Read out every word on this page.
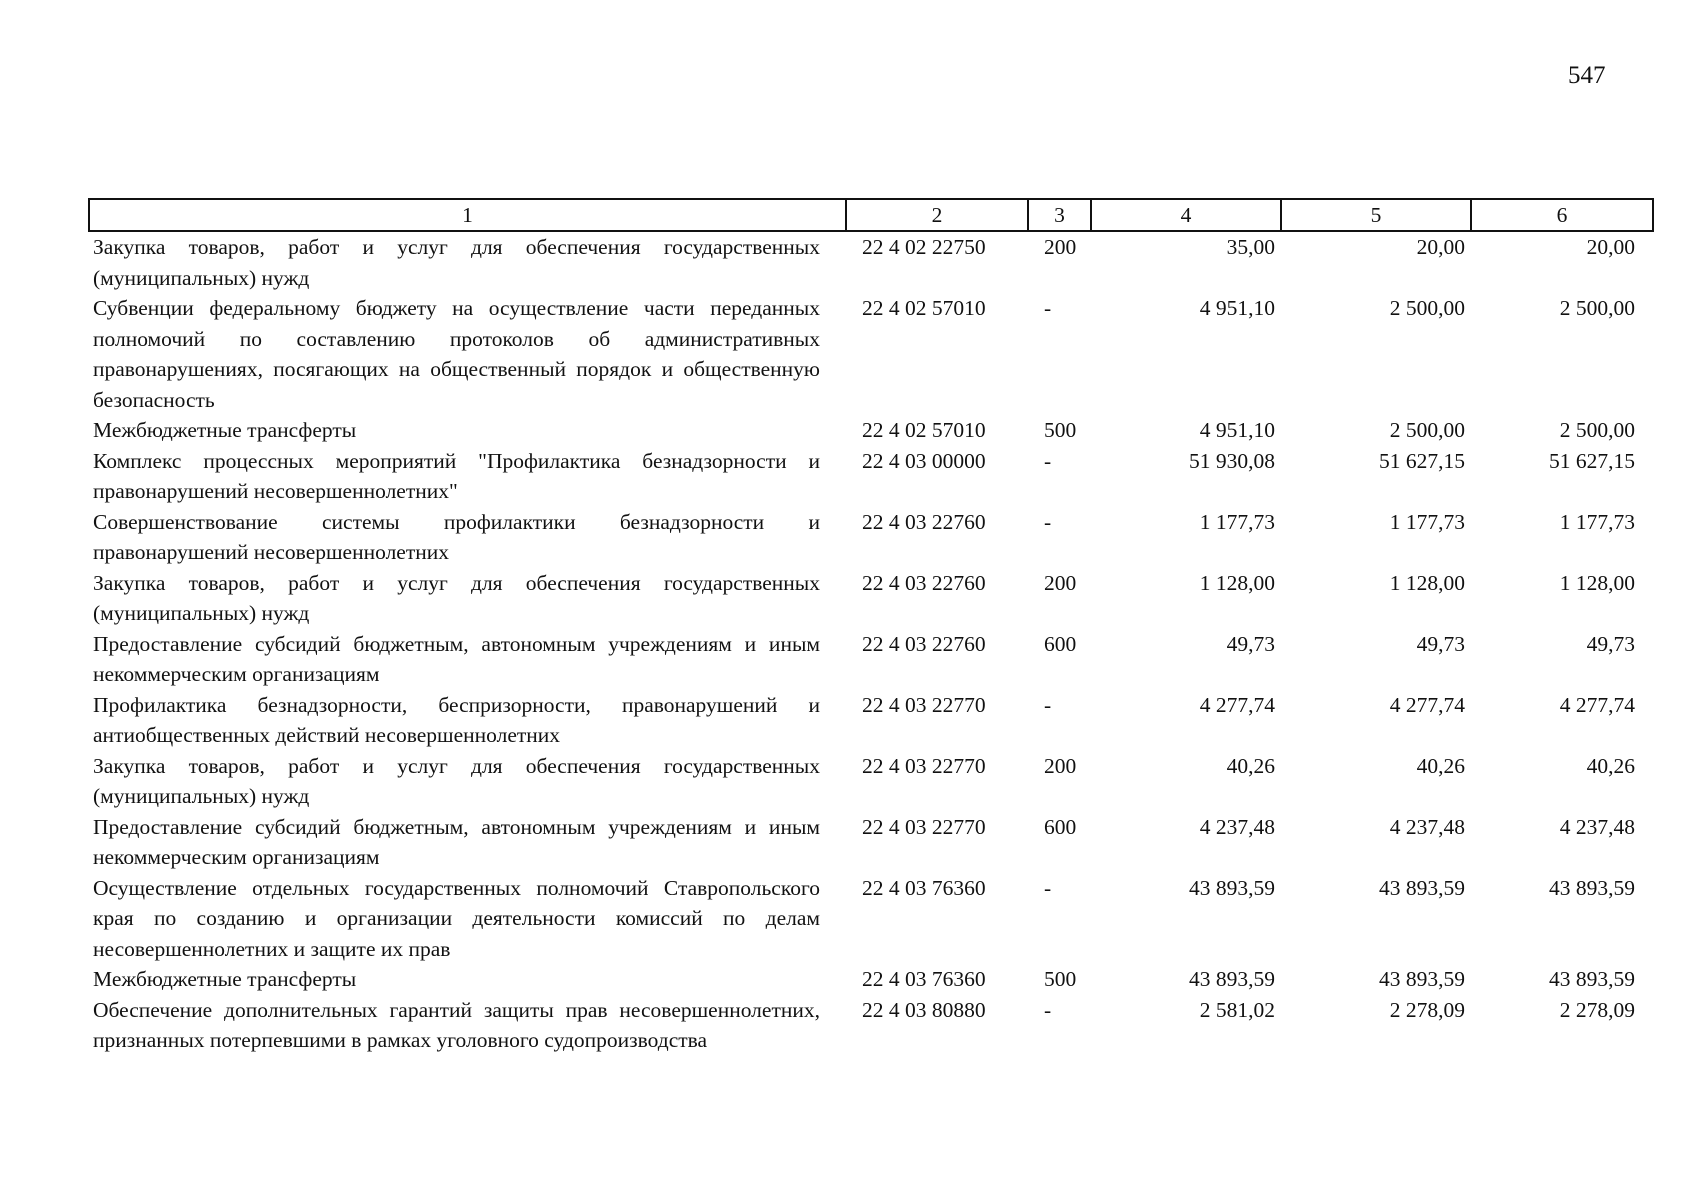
547
1	2	3	4	5	6
Закупка товаров, работ и услуг для обеспечения государственных (муниципальных) нужд	22 4 02 22750	200	35,00	20,00	20,00
Субвенции федеральному бюджету на осуществление части переданных полномочий по составлению протоколов об административных правонарушениях, посягающих на общественный порядок и общественную безопасность	22 4 02 57010	-	4 951,10	2 500,00	2 500,00
Межбюджетные трансферты	22 4 02 57010	500	4 951,10	2 500,00	2 500,00
Комплекс процессных мероприятий "Профилактика безнадзорности и правонарушений несовершеннолетних"	22 4 03 00000	-	51 930,08	51 627,15	51 627,15
Совершенствование системы профилактики безнадзорности и правонарушений несовершеннолетних	22 4 03 22760	-	1 177,73	1 177,73	1 177,73
Закупка товаров, работ и услуг для обеспечения государственных (муниципальных) нужд	22 4 03 22760	200	1 128,00	1 128,00	1 128,00
Предоставление субсидий бюджетным, автономным учреждениям и иным некоммерческим организациям	22 4 03 22760	600	49,73	49,73	49,73
Профилактика безнадзорности, беспризорности, правонарушений и антиобщественных действий несовершеннолетних	22 4 03 22770	-	4 277,74	4 277,74	4 277,74
Закупка товаров, работ и услуг для обеспечения государственных (муниципальных) нужд	22 4 03 22770	200	40,26	40,26	40,26
Предоставление субсидий бюджетным, автономным учреждениям и иным некоммерческим организациям	22 4 03 22770	600	4 237,48	4 237,48	4 237,48
Осуществление отдельных государственных полномочий Ставропольского края по созданию и организации деятельности комиссий по делам несовершеннолетних и защите их прав	22 4 03 76360	-	43 893,59	43 893,59	43 893,59
Межбюджетные трансферты	22 4 03 76360	500	43 893,59	43 893,59	43 893,59
Обеспечение дополнительных гарантий защиты прав несовершеннолетних, признанных потерпевшими в рамках уголовного судопроизводства	22 4 03 80880	-	2 581,02	2 278,09	2 278,09
